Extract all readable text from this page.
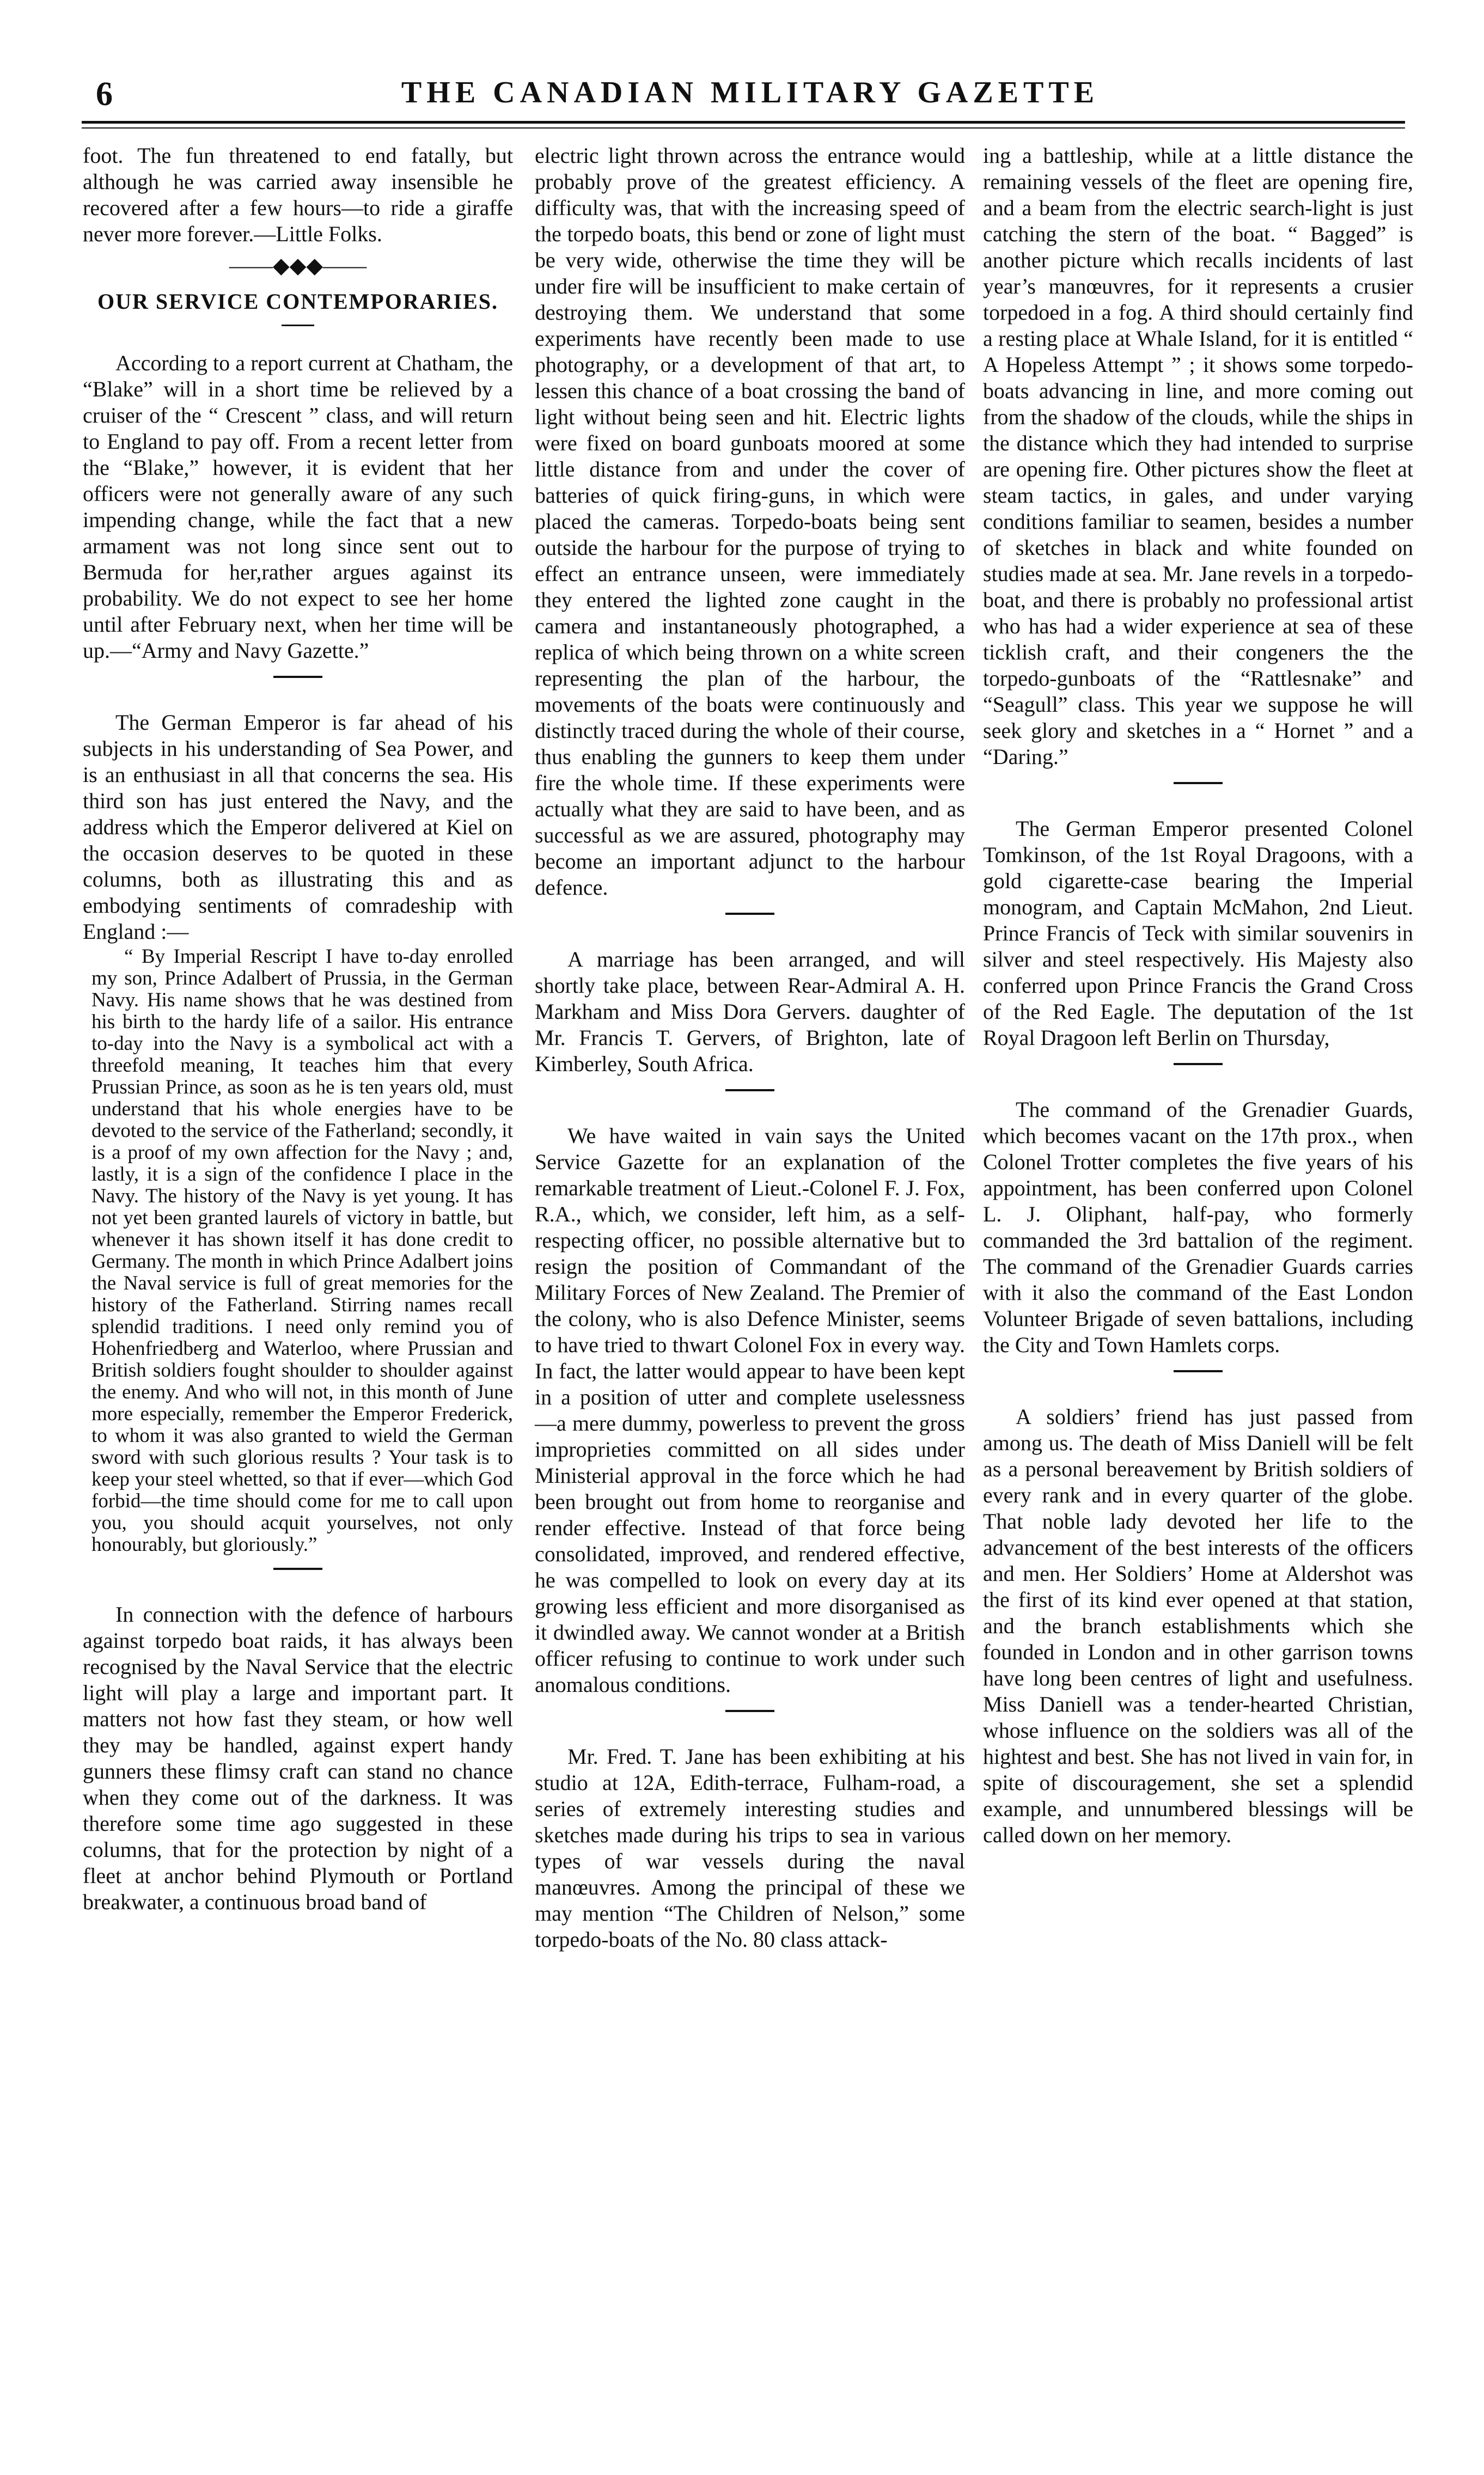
6	THE CANADIAN MILITARY GAZETTE

foot. The fun threatened to end fatally, but although he was carried away insensible he recovered after a few hours—to ride a giraffe never more forever.—Little Folks.

——◆◆◆——
OUR SERVICE CONTEMPORARIES.

According to a report current at Chatham, the “Blake” will in a short time be relieved by a cruiser of the “ Crescent ” class, and will return to England to pay off. From a recent letter from the “Blake,” however, it is evident that her officers were not generally aware of any such impending change, while the fact that a new armament was not long since sent out to Bermuda for her,rather argues against its probability. We do not expect to see her home until after February next, when her time will be up.—“Army and Navy Gazette.”

The German Emperor is far ahead of his subjects in his understanding of Sea Power, and is an enthusiast in all that concerns the sea. His third son has just entered the Navy, and the address which the Emperor delivered at Kiel on the occasion deserves to be quoted in these columns, both as illustrating this and as embodying sentiments of comradeship with England :—

“ By Imperial Rescript I have to-day enrolled my son, Prince Adalbert of Prussia, in the German Navy. His name shows that he was destined from his birth to the hardy life of a sailor. His entrance to-day into the Navy is a symbolical act with a threefold meaning, It teaches him that every Prussian Prince, as soon as he is ten years old, must understand that his whole energies have to be devoted to the service of the Fatherland; secondly, it is a proof of my own affection for the Navy ; and, lastly, it is a sign of the confidence I place in the Navy. The history of the Navy is yet young. It has not yet been granted laurels of victory in battle, but whenever it has shown itself it has done credit to Germany. The month in which Prince Adalbert joins the Naval service is full of great memories for the history of the Fatherland. Stirring names recall splendid traditions. I need only remind you of Hohenfriedberg and Waterloo, where Prussian and British soldiers fought shoulder to shoulder against the enemy. And who will not, in this month of June more especially, remember the Emperor Frederick, to whom it was also granted to wield the German sword with such glorious results ? Your task is to keep your steel whetted, so that if ever—which God forbid—the time should come for me to call upon you, you should acquit yourselves, not only honourably, but gloriously.”

In connection with the defence of harbours against torpedo boat raids, it has always been recognised by the Naval Service that the electric light will play a large and important part. It matters not how fast they steam, or how well they may be handled, against expert handy gunners these flimsy craft can stand no chance when they come out of the darkness. It was therefore some time ago suggested in these columns, that for the protection by night of a fleet at anchor behind Plymouth or Portland breakwater, a continuous broad band of

electric light thrown across the entrance would probably prove of the greatest efficiency. A difficulty was, that with the increasing speed of the torpedo boats, this bend or zone of light must be very wide, otherwise the time they will be under fire will be insufficient to make certain of destroying them. We understand that some experiments have recently been made to use photography, or a development of that art, to lessen this chance of a boat crossing the band of light without being seen and hit. Electric lights were fixed on board gunboats moored at some little distance from and under the cover of batteries of quick firing-guns, in which were placed the cameras. Torpedo-boats being sent outside the harbour for the purpose of trying to effect an entrance unseen, were immediately they entered the lighted zone caught in the camera and instantaneously photographed, a replica of which being thrown on a white screen representing the plan of the harbour, the movements of the boats were continuously and distinctly traced during the whole of their course, thus enabling the gunners to keep them under fire the whole time. If these experiments were actually what they are said to have been, and as successful as we are assured, photography may become an important adjunct to the harbour defence.

A marriage has been arranged, and will shortly take place, between Rear-Admiral A. H. Markham and Miss Dora Gervers. daughter of Mr. Francis T. Gervers, of Brighton, late of Kimberley, South Africa.

We have waited in vain says the United Service Gazette for an explanation of the remarkable treatment of Lieut.-Colonel F. J. Fox, R.A., which, we consider, left him, as a self-respecting officer, no possible alternative but to resign the position of Commandant of the Military Forces of New Zealand. The Premier of the colony, who is also Defence Minister, seems to have tried to thwart Colonel Fox in every way. In fact, the latter would appear to have been kept in a position of utter and complete uselessness —a mere dummy, powerless to prevent the gross improprieties committed on all sides under Ministerial approval in the force which he had been brought out from home to reorganise and render effective. Instead of that force being consolidated, improved, and rendered effective, he was compelled to look on every day at its growing less efficient and more disorganised as it dwindled away. We cannot wonder at a British officer refusing to continue to work under such anomalous conditions.

Mr. Fred. T. Jane has been exhibiting at his studio at 12A, Edith-terrace, Fulham-road, a series of extremely interesting studies and sketches made during his trips to sea in various types of war vessels during the naval manœuvres. Among the principal of these we may mention “The Children of Nelson,” some torpedo-boats of the No. 80 class attack-

ing a battleship, while at a little distance the remaining vessels of the fleet are opening fire, and a beam from the electric search-light is just catching the stern of the boat. “ Bagged” is another picture which recalls incidents of last year’s manœuvres, for it represents a crusier torpedoed in a fog. A third should certainly find a resting place at Whale Island, for it is entitled “ A Hopeless Attempt ” ; it shows some torpedo-boats advancing in line, and more coming out from the shadow of the clouds, while the ships in the distance which they had intended to surprise are opening fire. Other pictures show the fleet at steam tactics, in gales, and under varying conditions familiar to seamen, besides a number of sketches in black and white founded on studies made at sea. Mr. Jane revels in a torpedo-boat, and there is probably no professional artist who has had a wider experience at sea of these ticklish craft, and their congeners the the torpedo-gunboats of the “Rattlesnake” and “Seagull” class. This year we suppose he will seek glory and sketches in a “ Hornet ” and a “Daring.”

The German Emperor presented Colonel Tomkinson, of the 1st Royal Dragoons, with a gold cigarette-case bearing the Imperial monogram, and Captain McMahon, 2nd Lieut. Prince Francis of Teck with similar souvenirs in silver and steel respectively. His Majesty also conferred upon Prince Francis the Grand Cross of the Red Eagle. The deputation of the 1st Royal Dragoon left Berlin on Thursday,

The command of the Grenadier Guards, which becomes vacant on the 17th prox., when Colonel Trotter completes the five years of his appointment, has been conferred upon Colonel L. J. Oliphant, half-pay, who formerly commanded the 3rd battalion of the regiment. The command of the Grenadier Guards carries with it also the command of the East London Volunteer Brigade of seven battalions, including the City and Town Hamlets corps.

A soldiers’ friend has just passed from among us. The death of Miss Daniell will be felt as a personal bereavement by British soldiers of every rank and in every quarter of the globe. That noble lady devoted her life to the advancement of the best interests of the officers and men. Her Soldiers’ Home at Aldershot was the first of its kind ever opened at that station, and the branch establishments which she founded in London and in other garrison towns have long been centres of light and usefulness. Miss Daniell was a tender-hearted Christian, whose influence on the soldiers was all of the hightest and best. She has not lived in vain for, in spite of discouragement, she set a splendid example, and unnumbered blessings will be called down on her memory.
